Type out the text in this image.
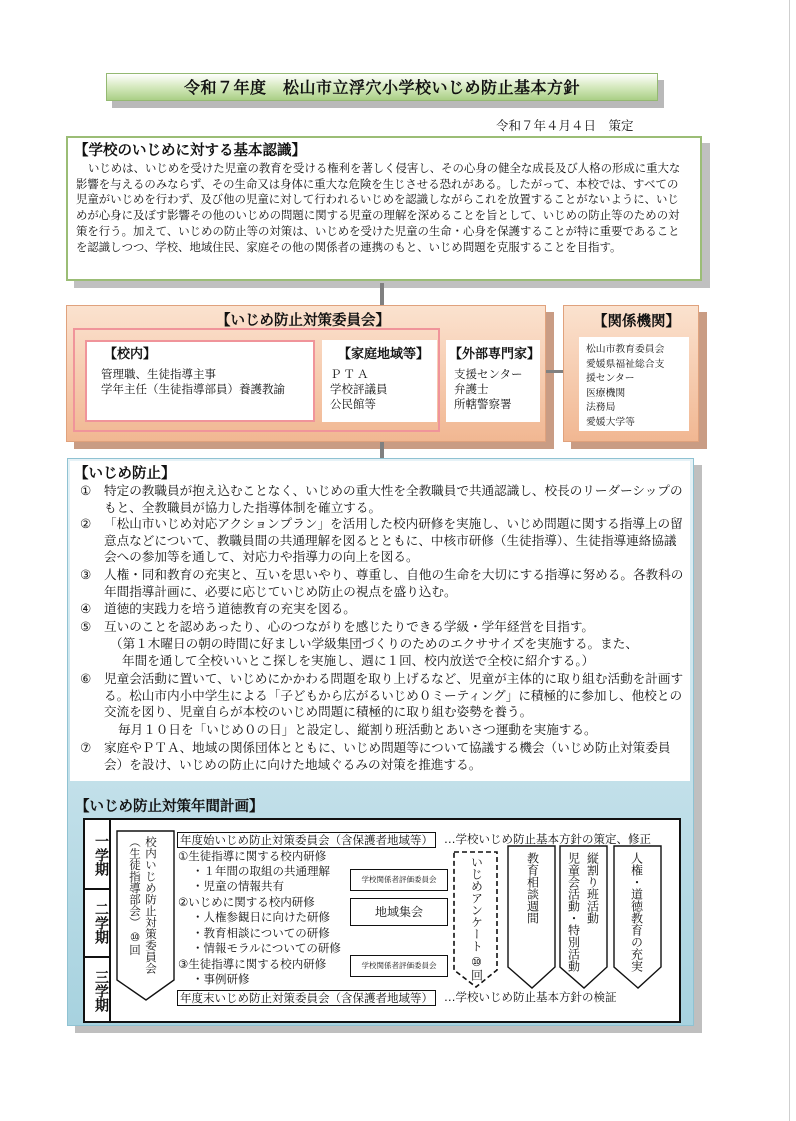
令和７年度　松山市立浮穴小学校いじめ防止基本方針
令和７年４月４日　策定
【学校のいじめに対する基本認識】
いじめは、いじめを受けた児童の教育を受ける権利を著しく侵害し、その心身の健全な成長及び人格の形成に重大な影響を与えるのみならず、その生命又は身体に重大な危険を生じさせる恐れがある。したがって、本校では、すべての児童がいじめを行わず、及び他の児童に対して行われるいじめを認識しながらこれを放置することがないように、いじめが心身に及ぼす影響その他のいじめの問題に関する児童の理解を深めることを旨として、いじめの防止等のための対策を行う。加えて、いじめの防止等の対策は、いじめを受けた児童の生命・心身を保護することが特に重要であることを認識しつつ、学校、地域住民、家庭その他の関係者の連携のもと、いじめ問題を克服することを目指す。
【いじめ防止対策委員会】
【校内】
管理職、生徒指導主事
学年主任（生徒指導部員）養護教諭
【家庭地域等】
ＰＴＡ
学校評議員
公民館等
【外部専門家】
支援センター
弁護士
所轄警察署
【関係機関】
松山市教育委員会
愛媛県福祉総合支
援センター
医療機関
法務局
愛媛大学等
【いじめ防止】
① 特定の教職員が抱え込むことなく、いじめの重大性を全教職員で共通認識し、校長のリーダーシップのもと、全教職員が協力した指導体制を確立する。
② 「松山市いじめ対応アクションプラン」を活用した校内研修を実施し、いじめ問題に関する指導上の留意点などについて、教職員間の共通理解を図るとともに、中核市研修（生徒指導）、生徒指導連絡協議会への参加等を通して、対応力や指導力の向上を図る。
③ 人権・同和教育の充実と、互いを思いやり、尊重し、自他の生命を大切にする指導に努める。各教科の年間指導計画に、必要に応じていじめ防止の視点を盛り込む。
④ 道徳的実践力を培う道徳教育の充実を図る。
⑤ 互いのことを認めあったり、心のつながりを感じたりできる学級・学年経営を目指す。
（第１木曜日の朝の時間に好ましい学級集団づくりのためのエクササイズを実施する。また、
年間を通して全校いいとこ探しを実施し、週に１回、校内放送で全校に紹介する。）
⑥ 児童会活動に置いて、いじめにかかわる問題を取り上げるなど、児童が主体的に取り組む活動を計画する。松山市内小中学生による「子どもから広がるいじめ０ミーティング」に積極的に参加し、他校との交流を図り、児童自らが本校のいじめ問題に積極的に取り組む姿勢を養う。
毎月１０日を「いじめ０の日」と設定し、縦割り班活動とあいさつ運動を実施する。
⑦ 家庭やＰＴＡ、地域の関係団体とともに、いじめ問題等について協議する機会（いじめ防止対策委員会）を設け、いじめの防止に向けた地域ぐるみの対策を推進する。
【いじめ防止対策年間計画】
一学期
二学期
三学期
校内いじめ防止対策委員会
（生徒指導部会）
⑩回
年度始いじめ防止対策委員会（含保護者地域等） …学校いじめ防止基本方針の策定、修正
年度末いじめ防止対策委員会（含保護者地域等） …学校いじめ防止基本方針の検証
①生徒指導に関する校内研修
・１年間の取組の共通理解
・児童の情報共有
②いじめに関する校内研修
・人権参観日に向けた研修
・教育相談についての研修
・情報モラルについての研修
③生徒指導に関する校内研修
・事例研修
学校関係者評価委員会
地域集会
学校関係者評価委員会
いじめアンケート
⑩回
教育相談週間	縦割り班活動
児童会活動・特別活動	人権・道徳教育の充実
